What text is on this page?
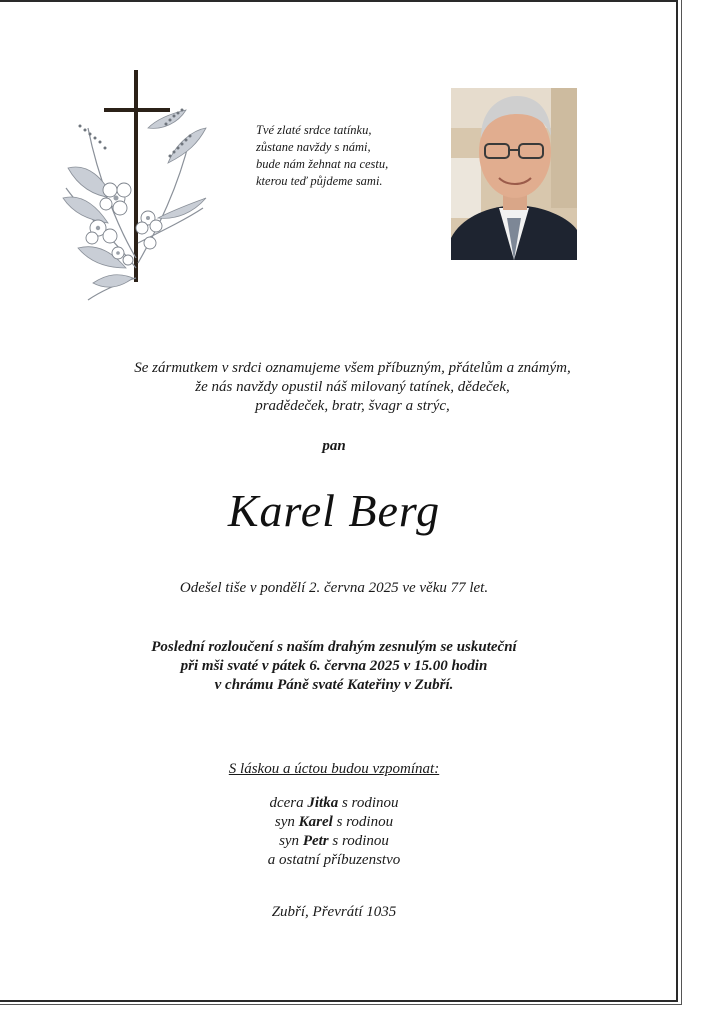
Tvé zlaté srdce tatínku,
zůstane navždy s námi,
bude nám žehnat na cestu,
kterou teď půjdeme sami.
Se zármutkem v srdci oznamujeme všem příbuzným, přátelům a známým,
že nás navždy opustil náš milovaný tatínek, dědeček,
pradědeček, bratr, švagr a strýc,
pan
Karel Berg
Odešel tiše v pondělí 2. června 2025 ve věku 77 let.
Poslední rozloučení s naším drahým zesnulým se uskuteční
při mši svaté v pátek 6. června 2025 v 15.00 hodin
v chrámu Páně svaté Kateřiny v Zubří.
S láskou a úctou budou vzpomínat:
dcera Jitka s rodinou
syn Karel s rodinou
syn Petr s rodinou
a ostatní příbuzenstvo
Zubří, Převrátí 1035
